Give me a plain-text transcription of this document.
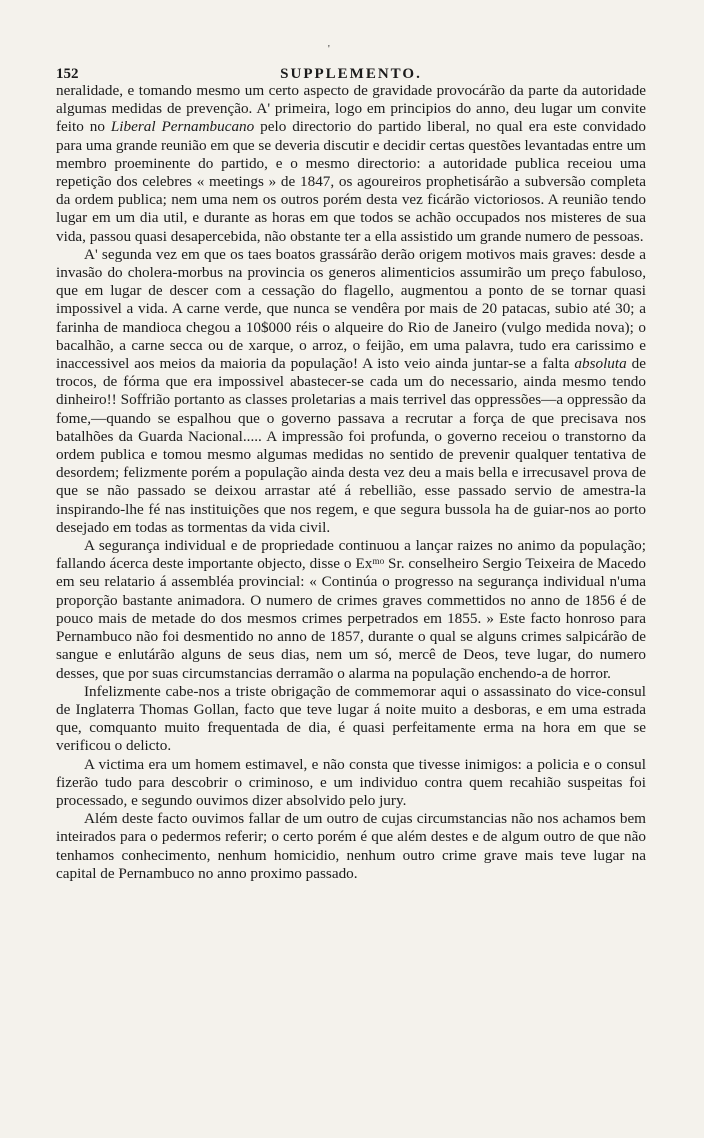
'
152	SUPPLEMENTO.

neralidade, e tomando mesmo um certo aspecto de gravidade provocárão da parte da autoridade algumas medidas de prevenção. A' primeira, logo em principios do anno, deu lugar um convite feito no Liberal Pernambucano pelo directorio do partido liberal, no qual era este convidado para uma grande reunião em que se deveria discutir e decidir certas questões levantadas entre um membro proeminente do partido, e o mesmo directorio: a autoridade publica receiou uma repetição dos celebres « meetings » de 1847, os agoureiros prophetisárão a subversão completa da ordem publica; nem uma nem os outros porém desta vez ficárão victoriosos. A reunião tendo lugar em um dia util, e durante as horas em que todos se achão occupados nos misteres de sua vida, passou quasi desapercebida, não obstante ter a ella assistido um grande numero de pessoas.

A' segunda vez em que os taes boatos grassárão derão origem motivos mais graves: desde a invasão do cholera-morbus na provincia os generos alimenticios assumirão um preço fabuloso, que em lugar de descer com a cessação do flagello, augmentou a ponto de se tornar quasi impossivel a vida. A carne verde, que nunca se vendêra por mais de 20 patacas, subio até 30; a farinha de mandioca chegou a 10$000 réis o alqueire do Rio de Janeiro (vulgo medida nova); o bacalhão, a carne secca ou de xarque, o arroz, o feijão, em uma palavra, tudo era carissimo e inaccessivel aos meios da maioria da população! A isto veio ainda juntar-se a falta absoluta de trocos, de fórma que era impossivel abastecer-se cada um do necessario, ainda mesmo tendo dinheiro!! Soffrião portanto as classes proletarias a mais terrivel das oppressões—a oppressão da fome,—quando se espalhou que o governo passava a recrutar a força de que precisava nos batalhões da Guarda Nacional..... A impressão foi profunda, o governo receiou o transtorno da ordem publica e tomou mesmo algumas medidas no sentido de prevenir qualquer tentativa de desordem; felizmente porém a população ainda desta vez deu a mais bella e irrecusavel prova de que se não passado se deixou arrastar até á rebellião, esse passado servio de amestra-la inspirando-lhe fé nas instituições que nos regem, e que segura bussola ha de guiar-nos ao porto desejado em todas as tormentas da vida civil.

A segurança individual e de propriedade continuou a lançar raizes no animo da população; fallando ácerca deste importante objecto, disse o Exᵐᵒ Sr. conselheiro Sergio Teixeira de Macedo em seu relatario á assembléa provincial: « Continúa o progresso na segurança individual n'uma proporção bastante animadora. O numero de crimes graves commettidos no anno de 1856 é de pouco mais de metade do dos mesmos crimes perpetrados em 1855. » Este facto honroso para Pernambuco não foi desmentido no anno de 1857, durante o qual se alguns crimes salpicárão de sangue e enlutárão alguns de seus dias, nem um só, mercê de Deos, teve lugar, do numero desses, que por suas circumstancias derramão o alarma na população enchendo-a de horror.

Infelizmente cabe-nos a triste obrigação de commemorar aqui o assassinato do vice-consul de Inglaterra Thomas Gollan, facto que teve lugar á noite muito a desboras, e em uma estrada que, comquanto muito frequentada de dia, é quasi perfeitamente erma na hora em que se verificou o delicto.

A victima era um homem estimavel, e não consta que tivesse inimigos: a policia e o consul fizerão tudo para descobrir o criminoso, e um individuo contra quem recahião suspeitas foi processado, e segundo ouvimos dizer absolvido pelo jury.

Além deste facto ouvimos fallar de um outro de cujas circumstancias não nos achamos bem inteirados para o pedermos referir; o certo porém é que além destes e de algum outro de que não tenhamos conhecimento, nenhum homicidio, nenhum outro crime grave mais teve lugar na capital de Pernambuco no anno proximo passado.
